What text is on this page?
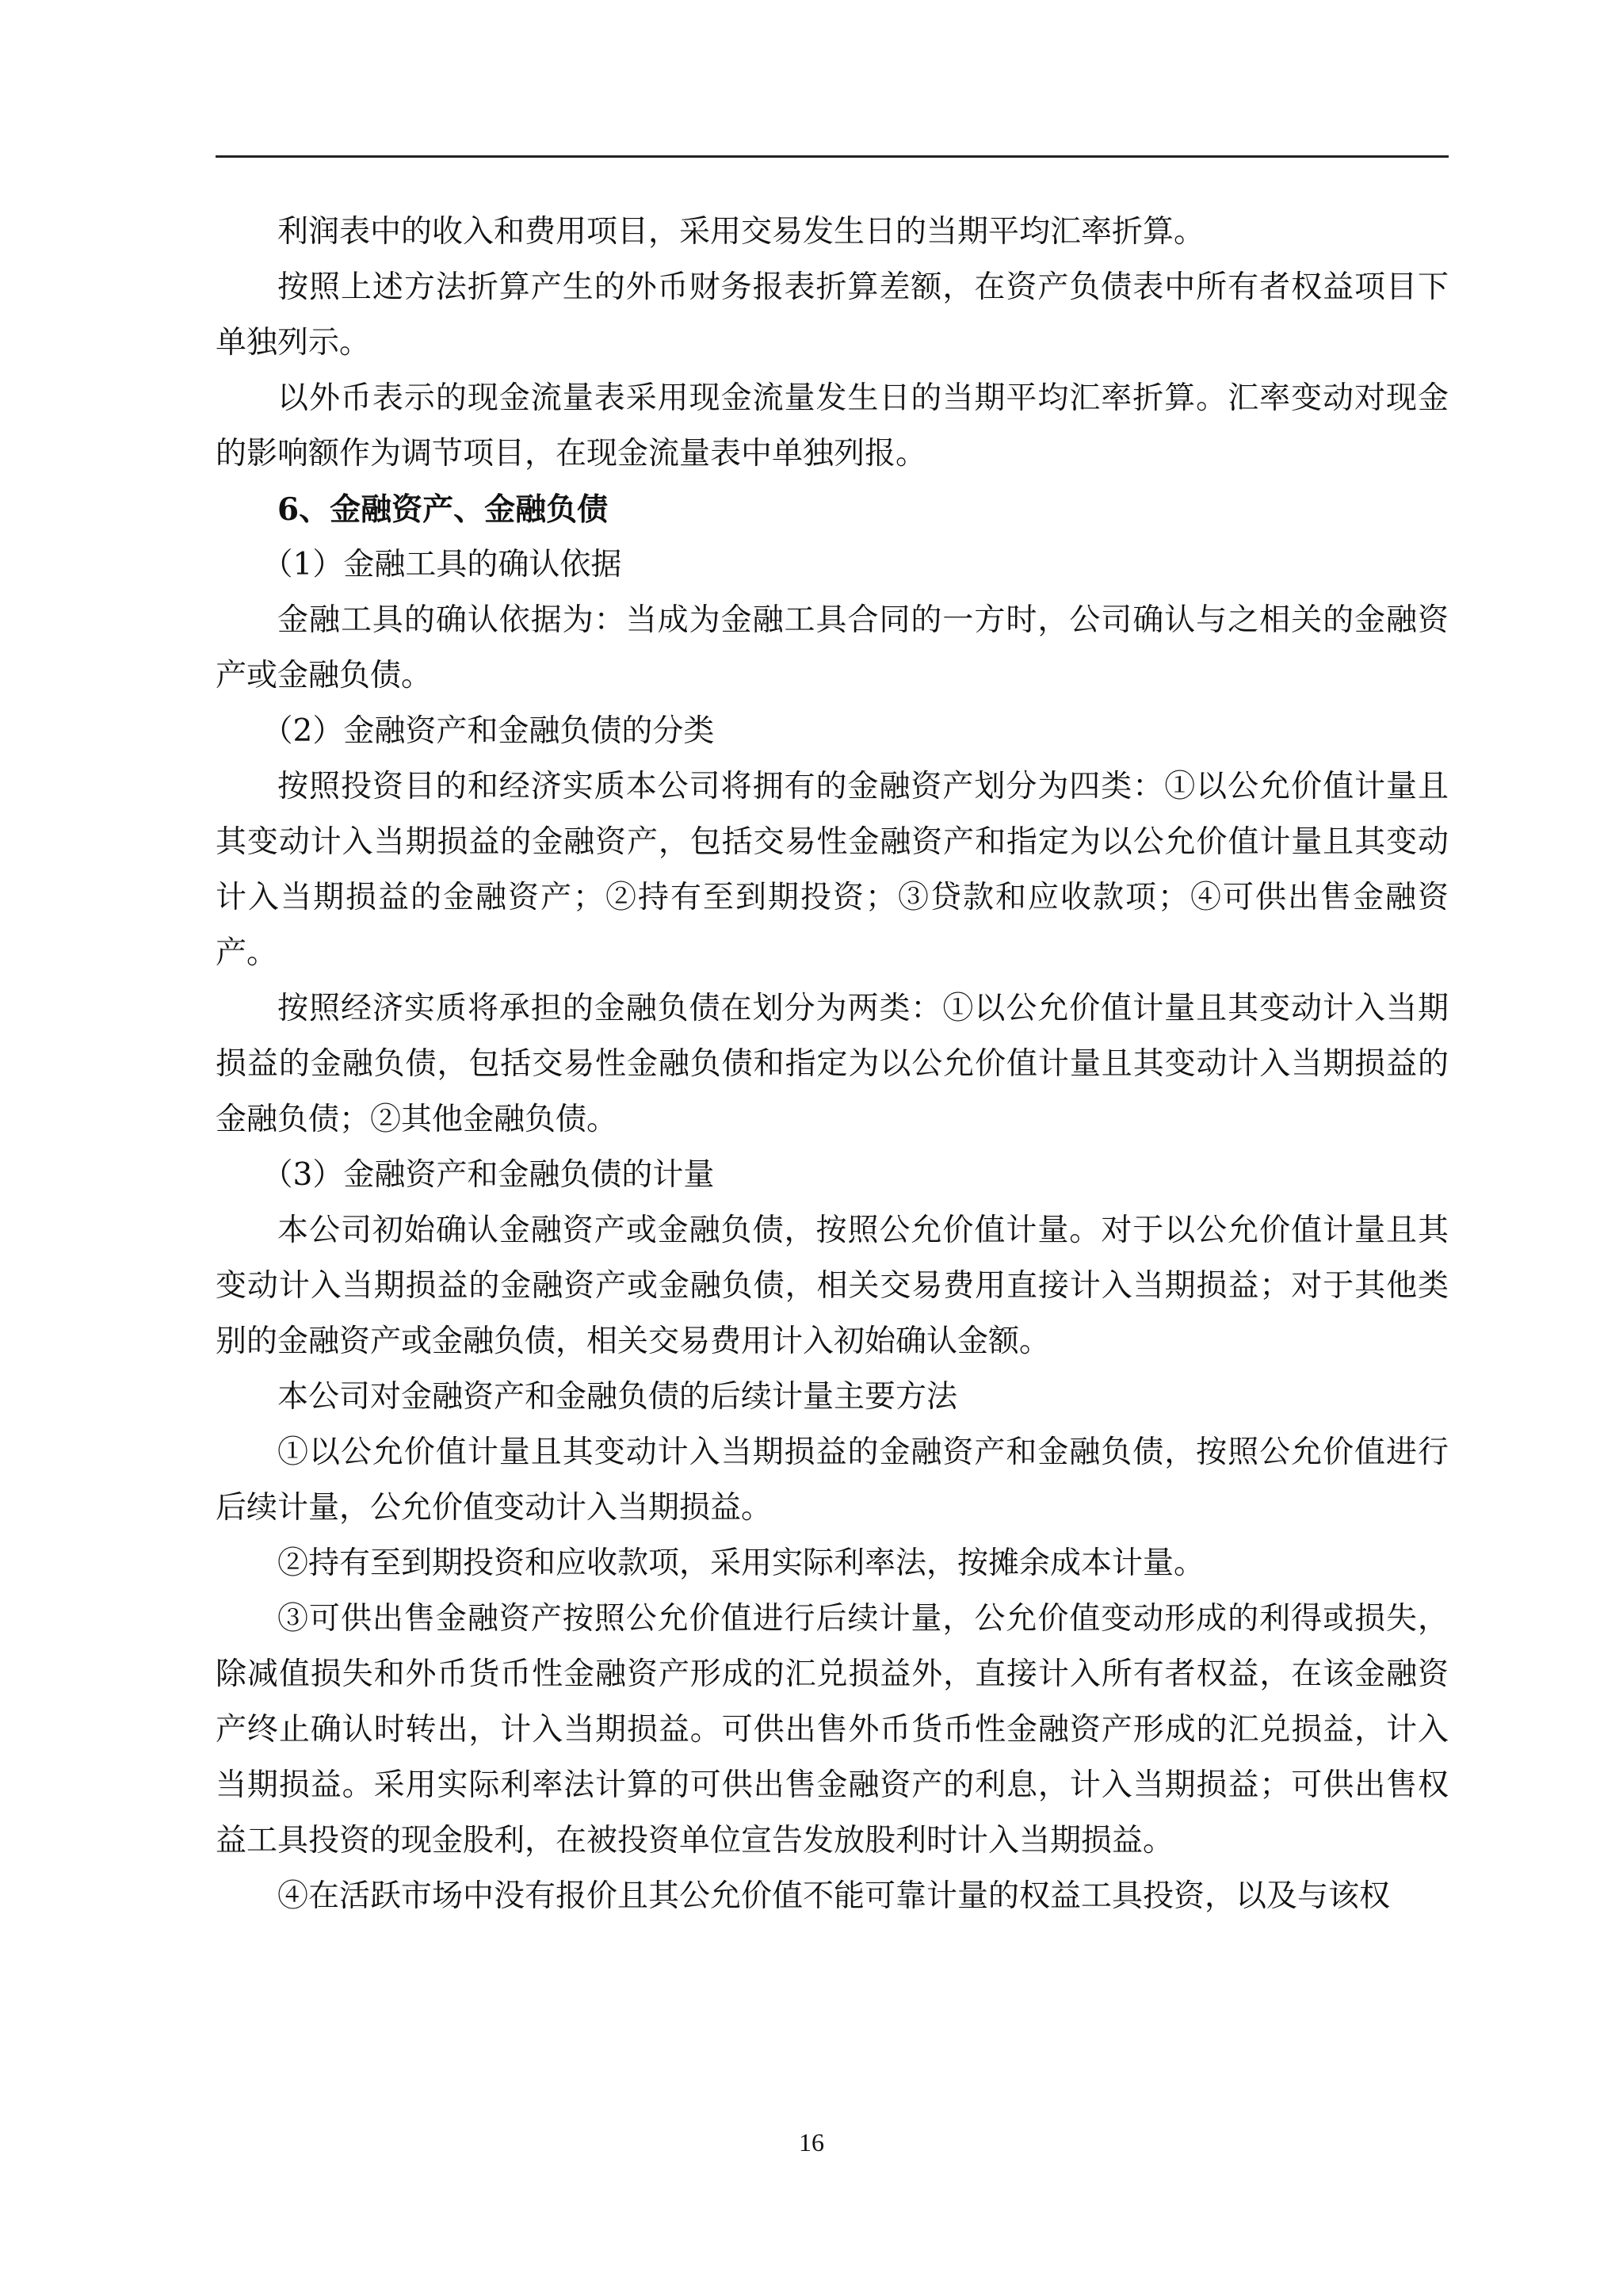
利润表中的收入和费用项目，采用交易发生日的当期平均汇率折算。

按照上述方法折算产生的外币财务报表折算差额，在资产负债表中所有者权益项目下单独列示。

以外币表示的现金流量表采用现金流量发生日的当期平均汇率折算。汇率变动对现金的影响额作为调节项目，在现金流量表中单独列报。

6、金融资产、金融负债

（1）金融工具的确认依据

金融工具的确认依据为：当成为金融工具合同的一方时，公司确认与之相关的金融资产或金融负债。

（2）金融资产和金融负债的分类

按照投资目的和经济实质本公司将拥有的金融资产划分为四类：①以公允价值计量且其变动计入当期损益的金融资产，包括交易性金融资产和指定为以公允价值计量且其变动计入当期损益的金融资产；②持有至到期投资；③贷款和应收款项；④可供出售金融资产。

按照经济实质将承担的金融负债在划分为两类：①以公允价值计量且其变动计入当期损益的金融负债，包括交易性金融负债和指定为以公允价值计量且其变动计入当期损益的金融负债；②其他金融负债。

（3）金融资产和金融负债的计量

本公司初始确认金融资产或金融负债，按照公允价值计量。对于以公允价值计量且其变动计入当期损益的金融资产或金融负债，相关交易费用直接计入当期损益；对于其他类别的金融资产或金融负债，相关交易费用计入初始确认金额。

本公司对金融资产和金融负债的后续计量主要方法

①以公允价值计量且其变动计入当期损益的金融资产和金融负债，按照公允价值进行后续计量，公允价值变动计入当期损益。

②持有至到期投资和应收款项，采用实际利率法，按摊余成本计量。

③可供出售金融资产按照公允价值进行后续计量，公允价值变动形成的利得或损失，除减值损失和外币货币性金融资产形成的汇兑损益外，直接计入所有者权益，在该金融资产终止确认时转出，计入当期损益。可供出售外币货币性金融资产形成的汇兑损益，计入当期损益。采用实际利率法计算的可供出售金融资产的利息，计入当期损益；可供出售权益工具投资的现金股利，在被投资单位宣告发放股利时计入当期损益。

④在活跃市场中没有报价且其公允价值不能可靠计量的权益工具投资，以及与该权

16
